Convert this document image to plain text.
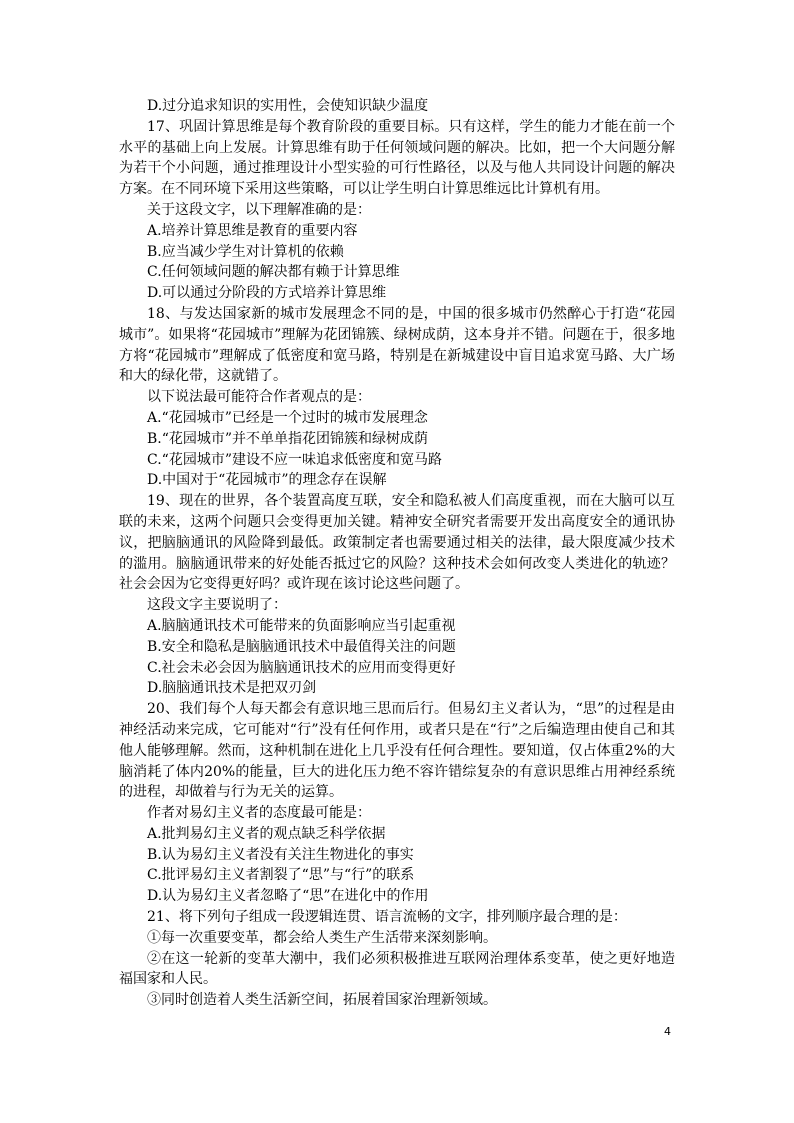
D.过分追求知识的实用性，会使知识缺少温度

17、巩固计算思维是每个教育阶段的重要目标。只有这样，学生的能力才能在前一个水平的基础上向上发展。计算思维有助于任何领域问题的解决。比如，把一个大问题分解为若干个小问题，通过推理设计小型实验的可行性路径，以及与他人共同设计问题的解决方案。在不同环境下采用这些策略，可以让学生明白计算思维远比计算机有用。

关于这段文字，以下理解准确的是：

A.培养计算思维是教育的重要内容

B.应当减少学生对计算机的依赖

C.任何领域问题的解决都有赖于计算思维

D.可以通过分阶段的方式培养计算思维

18、与发达国家新的城市发展理念不同的是，中国的很多城市仍然醉心于打造“花园城市”。如果将“花园城市”理解为花团锦簇、绿树成荫，这本身并不错。问题在于，很多地方将“花园城市”理解成了低密度和宽马路，特别是在新城建设中盲目追求宽马路、大广场和大的绿化带，这就错了。

以下说法最可能符合作者观点的是：

A.“花园城市”已经是一个过时的城市发展理念

B.“花园城市”并不单单指花团锦簇和绿树成荫

C.“花园城市”建设不应一味追求低密度和宽马路

D.中国对于“花园城市”的理念存在误解

19、现在的世界，各个装置高度互联，安全和隐私被人们高度重视，而在大脑可以互联的未来，这两个问题只会变得更加关键。精神安全研究者需要开发出高度安全的通讯协议，把脑脑通讯的风险降到最低。政策制定者也需要通过相关的法律，最大限度减少技术的滥用。脑脑通讯带来的好处能否抵过它的风险？这种技术会如何改变人类进化的轨迹？社会会因为它变得更好吗？或许现在该讨论这些问题了。

这段文字主要说明了：

A.脑脑通讯技术可能带来的负面影响应当引起重视

B.安全和隐私是脑脑通讯技术中最值得关注的问题

C.社会未必会因为脑脑通讯技术的应用而变得更好

D.脑脑通讯技术是把双刃剑

20、我们每个人每天都会有意识地三思而后行。但易幻主义者认为，“思”的过程是由神经活动来完成，它可能对“行”没有任何作用，或者只是在“行”之后编造理由使自己和其他人能够理解。然而，这种机制在进化上几乎没有任何合理性。要知道，仅占体重2%的大脑消耗了体内20%的能量，巨大的进化压力绝不容许错综复杂的有意识思维占用神经系统的进程，却做着与行为无关的运算。

作者对易幻主义者的态度最可能是：

A.批判易幻主义者的观点缺乏科学依据

B.认为易幻主义者没有关注生物进化的事实

C.批评易幻主义者割裂了“思”与“行”的联系

D.认为易幻主义者忽略了“思”在进化中的作用

21、将下列句子组成一段逻辑连贯、语言流畅的文字，排列顺序最合理的是：

①每一次重要变革，都会给人类生产生活带来深刻影响。

②在这一轮新的变革大潮中，我们必须积极推进互联网治理体系变革，使之更好地造福国家和人民。

③同时创造着人类生活新空间，拓展着国家治理新领域。

4
